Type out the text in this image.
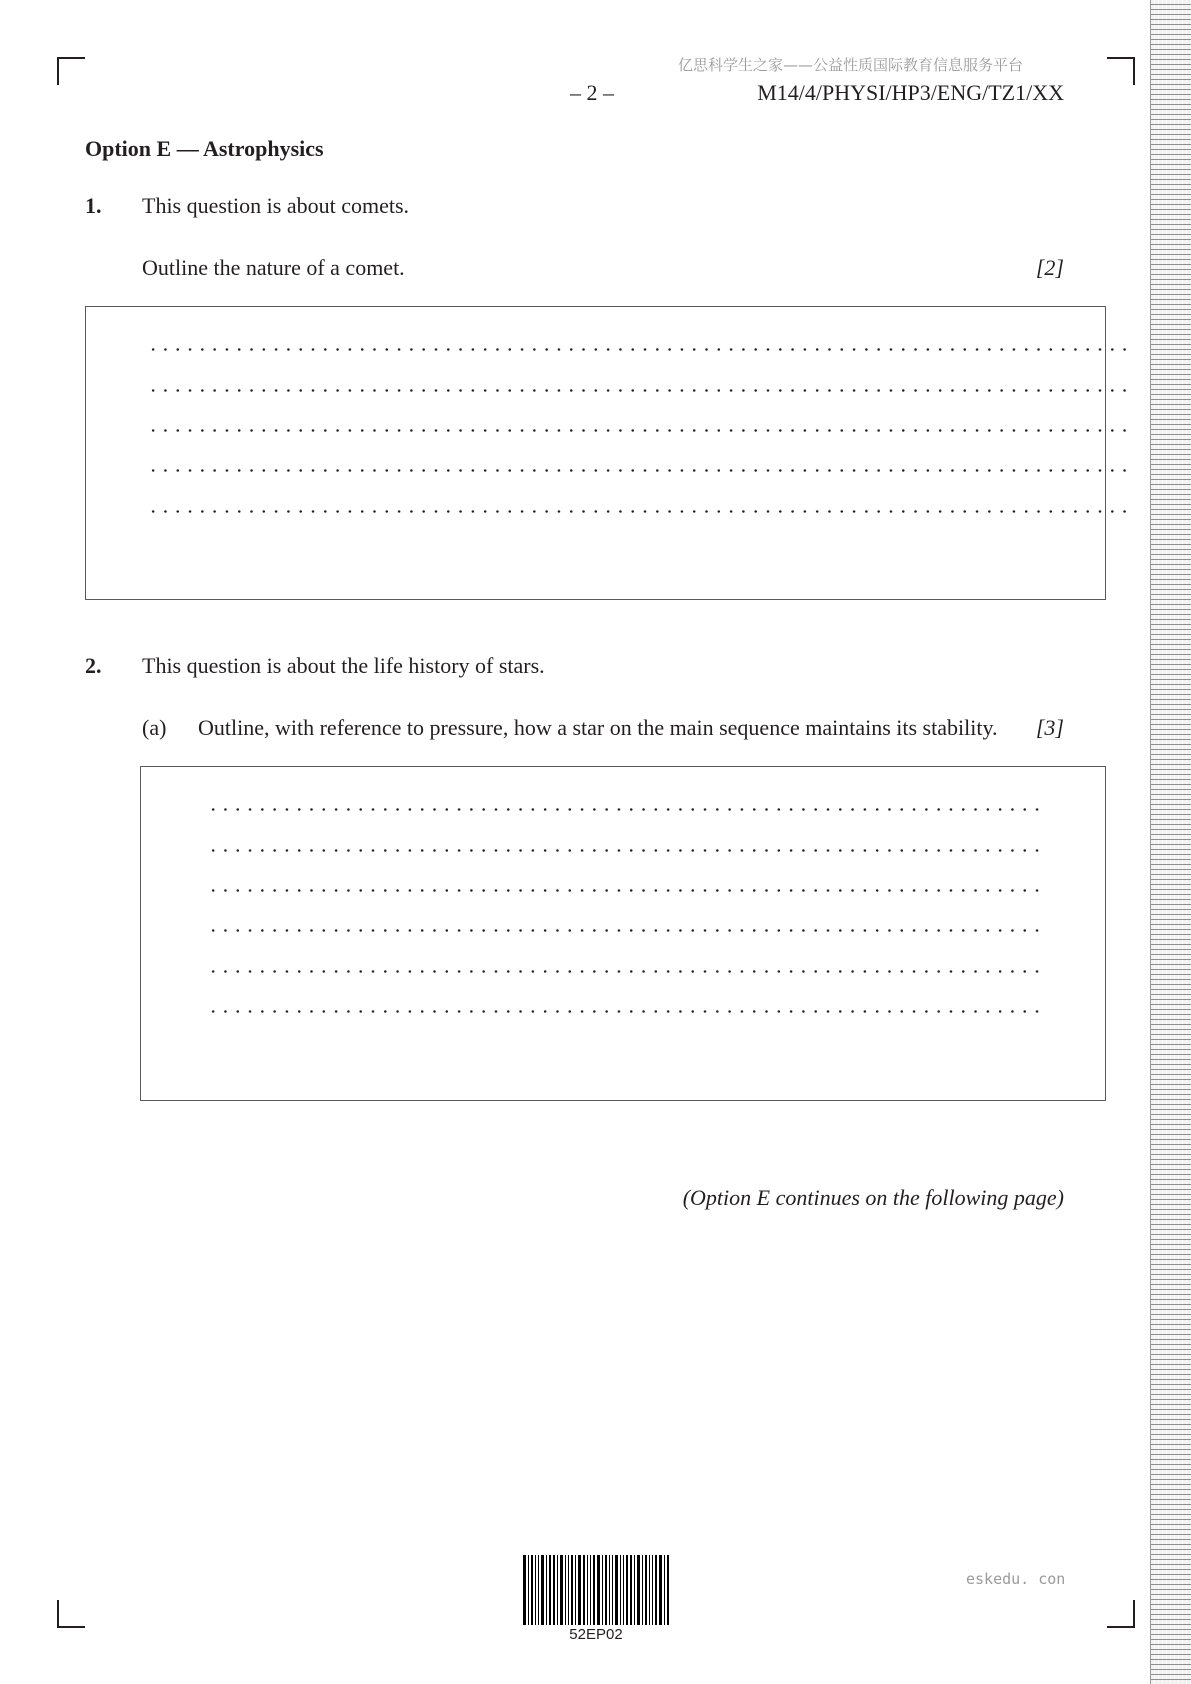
亿思科学生之家——公益性质国际教育信息服务平台
– 2 –	M14/4/PHYSI/HP3/ENG/TZ1/XX
Option E — Astrophysics
1. This question is about comets.
Outline the nature of a comet.	[2]
2. This question is about the life history of stars.
(a) Outline, with reference to pressure, how a star on the main sequence maintains its stability. [3]
(Option E continues on the following page)
52EP02
eskedu. con
